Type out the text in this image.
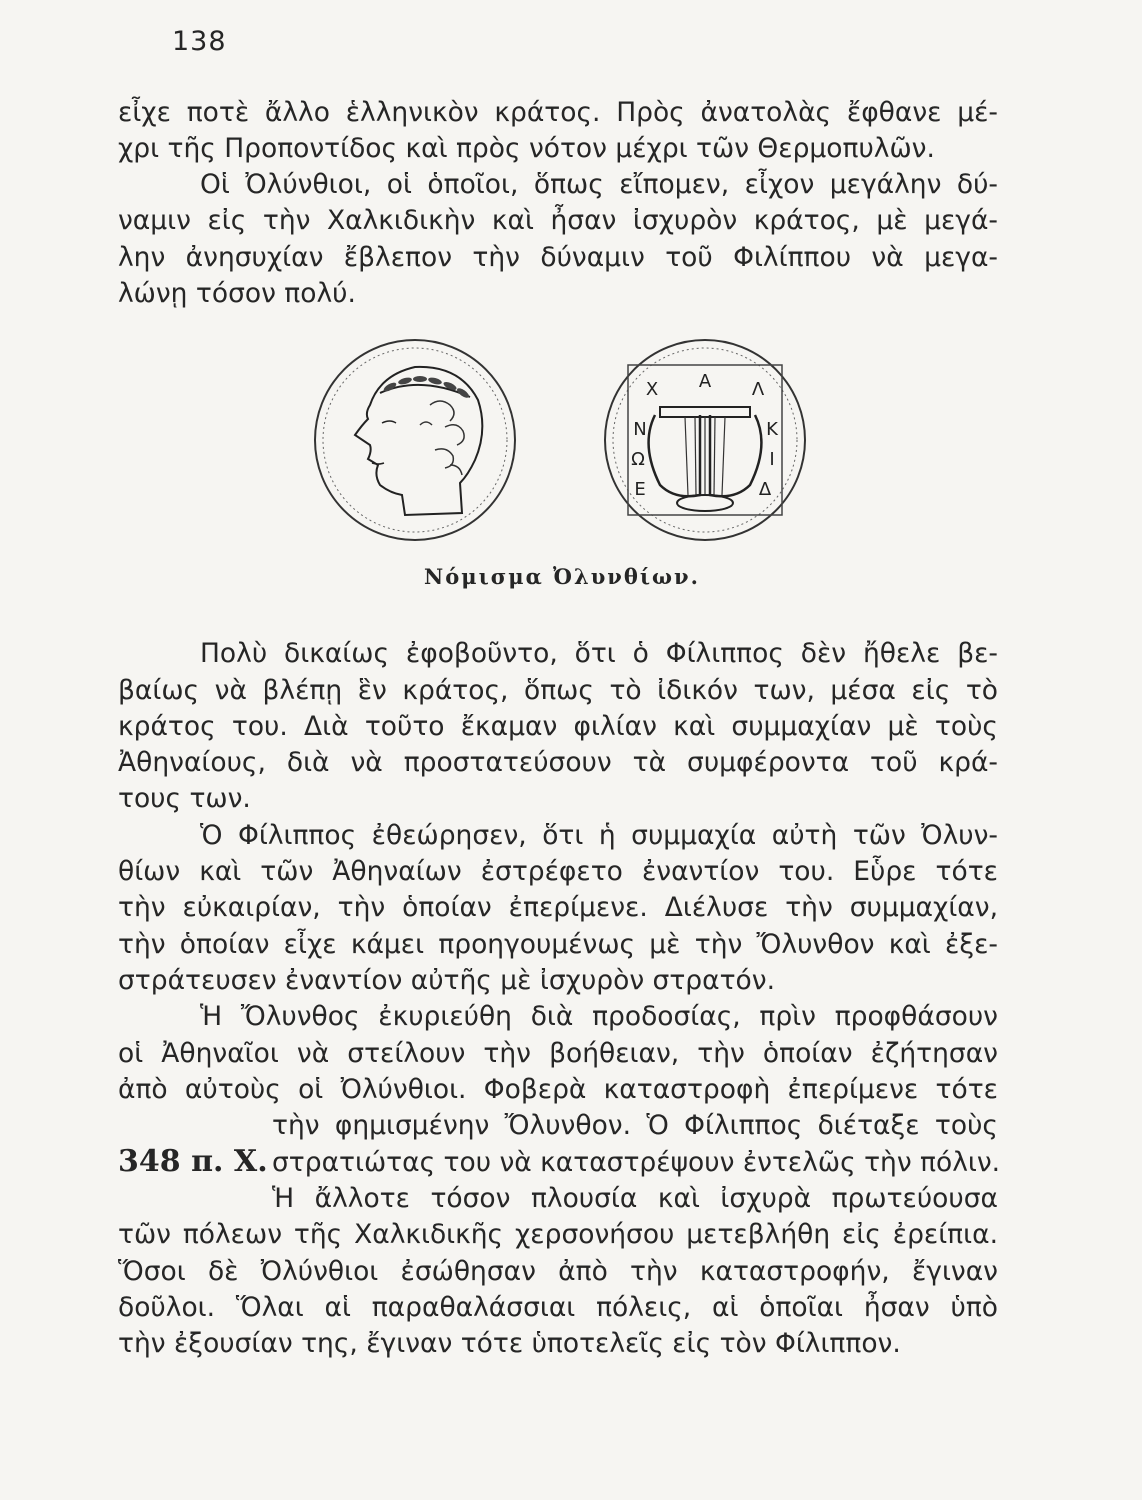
138
εἶχε ποτὲ ἄλλο ἑλληνικὸν κράτος. Πρὸς ἀνατολὰς ἔφθανε μέ-
χρι τῆς Προποντίδος καὶ πρὸς νότον μέχρι τῶν Θερμοπυλῶν.
Οἱ Ὀλύνθιοι, οἱ ὁποῖοι, ὅπως εἴπομεν, εἶχον μεγάλην δύ-
ναμιν εἰς τὴν Χαλκιδικὴν καὶ ἦσαν ἰσχυρὸν κράτος, μὲ μεγά-
λην ἀνησυχίαν ἔβλεπον τὴν δύναμιν τοῦ Φιλίππου νὰ μεγα-
λώνῃ τόσον πολύ.
Χ Α Λ
Κ
Ι
Δ
Ε
Ω
Ν
Νόμισμα Ὀλυνθίων.
Πολὺ δικαίως ἐφοβοῦντο, ὅτι ὁ Φίλιππος δὲν ἤθελε βε-
βαίως νὰ βλέπῃ ἓν κράτος, ὅπως τὸ ἰδικόν των, μέσα εἰς τὸ
κράτος του. Διὰ τοῦτο ἔκαμαν φιλίαν καὶ συμμαχίαν μὲ τοὺς
Ἀθηναίους, διὰ νὰ προστατεύσουν τὰ συμφέροντα τοῦ κρά-
τους των.
Ὁ Φίλιππος ἐθεώρησεν, ὅτι ἡ συμμαχία αὐτὴ τῶν Ὀλυν-
θίων καὶ τῶν Ἀθηναίων ἐστρέφετο ἐναντίον του. Εὗρε τότε
τὴν εὐκαιρίαν, τὴν ὁποίαν ἐπερίμενε. Διέλυσε τὴν συμμαχίαν,
τὴν ὁποίαν εἶχε κάμει προηγουμένως μὲ τὴν Ὄλυνθον καὶ ἐξε-
στράτευσεν ἐναντίον αὐτῆς μὲ ἰσχυρὸν στρατόν.
Ἡ Ὄλυνθος ἐκυριεύθη διὰ προδοσίας, πρὶν προφθάσουν
οἱ Ἀθηναῖοι νὰ στείλουν τὴν βοήθειαν, τὴν ὁποίαν ἐζήτησαν
ἀπὸ αὐτοὺς οἱ Ὀλύνθιοι. Φοβερὰ καταστροφὴ ἐπερίμενε τότε
τὴν φημισμένην Ὄλυνθον. Ὁ Φίλιππος διέταξε τοὺς
στρατιώτας του νὰ καταστρέψουν ἐντελῶς τὴν πόλιν.
348 π. Χ.
Ἡ ἄλλοτε τόσον πλουσία καὶ ἰσχυρὰ πρωτεύουσα
τῶν πόλεων τῆς Χαλκιδικῆς χερσονήσου μετεβλήθη εἰς ἐρείπια.
Ὅσοι δὲ Ὀλύνθιοι ἐσώθησαν ἀπὸ τὴν καταστροφήν, ἔγιναν
δοῦλοι. Ὅλαι αἱ παραθαλάσσιαι πόλεις, αἱ ὁποῖαι ἦσαν ὑπὸ
τὴν ἐξουσίαν της, ἔγιναν τότε ὑποτελεῖς εἰς τὸν Φίλιππον.
